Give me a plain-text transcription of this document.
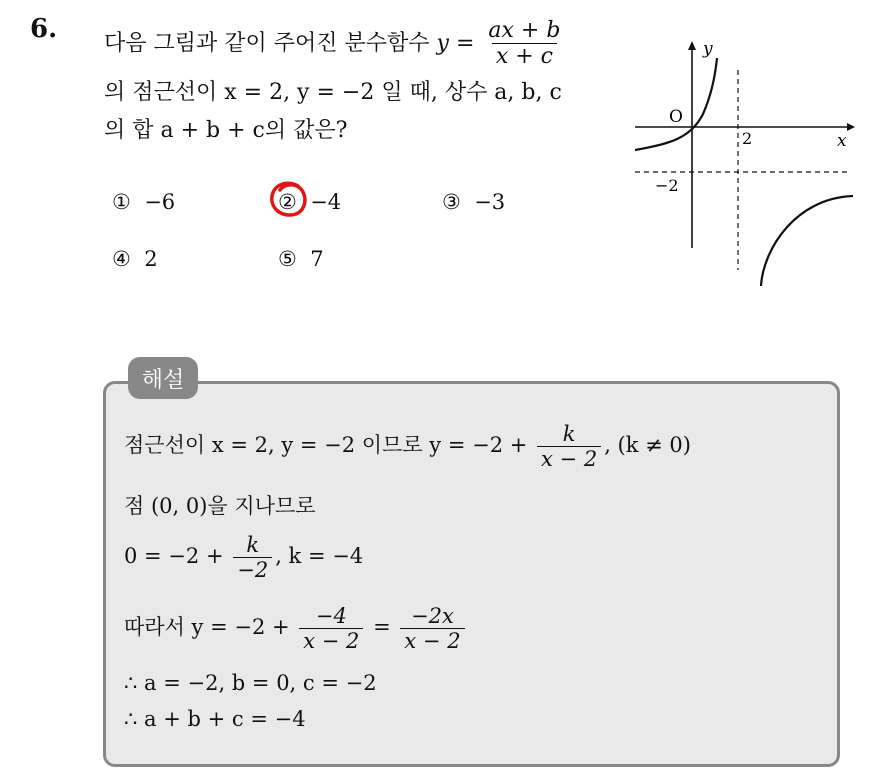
6. 다음 그림과 같이 주어진 분수함수 $y = \frac{ax + b}{x + c}$
의 점근선이 x = 2, y = −2 일 때, 상수 a, b, c
의 합 a + b + c의 값은?
① −6	② −4	③ −3
④ 2	⑤ 7
y
x
O
2
−2
해설
점근선이 x = 2, y = −2 이므로 $y = -2 + \frac{k}{x - 2}$ , (k ≠ 0)
점 (0, 0)을 지나므로
$0 = -2 + \frac{k}{-2}$ , k = −4
따라서 $y = -2 + \frac{-4}{x - 2} = \frac{-2x}{x - 2}$
∴ a = −2, b = 0, c = −2
∴ a + b + c = −4
